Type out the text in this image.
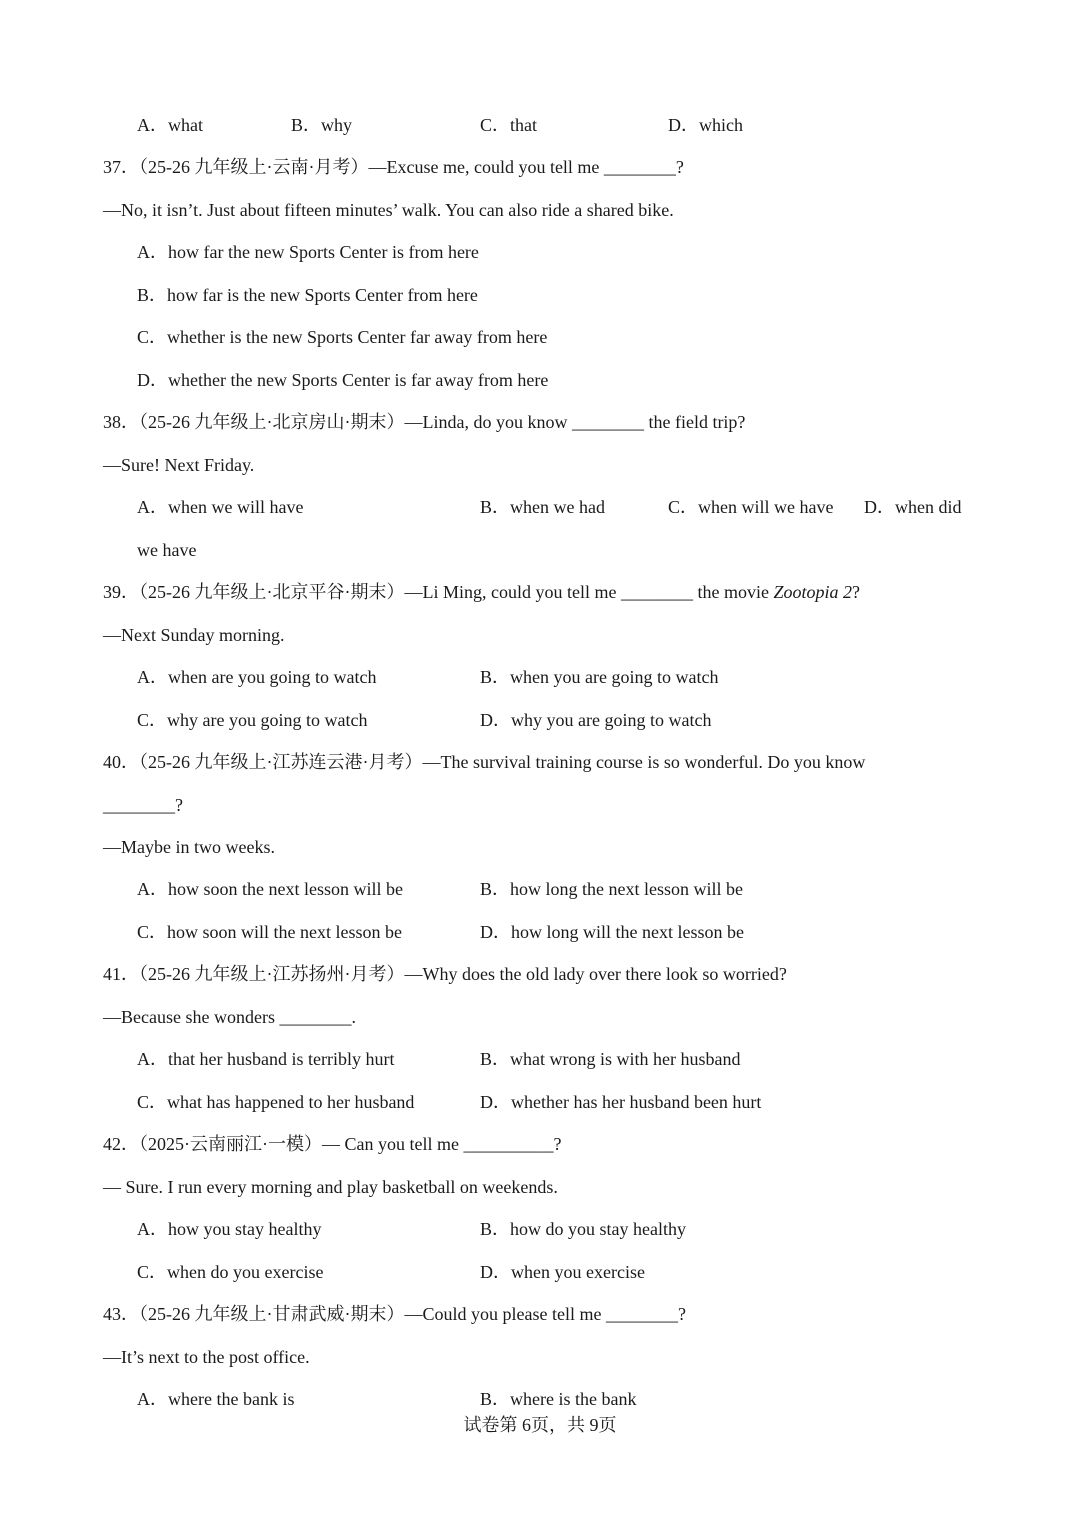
A．what	B．why	C．that	D．which
37．（25-26 九年级上·云南·月考）—Excuse me, could you tell me ________?
—No, it isn’t. Just about fifteen minutes’ walk. You can also ride a shared bike.
A．how far the new Sports Center is from here
B．how far is the new Sports Center from here
C．whether is the new Sports Center far away from here
D．whether the new Sports Center is far away from here
38．（25-26 九年级上·北京房山·期末）—Linda, do you know ________ the field trip?
—Sure! Next Friday.
A．when we will have	B．when we had	C．when will we have D．when did
we have
39．（25-26 九年级上·北京平谷·期末）—Li Ming, could you tell me ________ the movie Zootopia 2?
—Next Sunday morning.
A．when are you going to watch	B．when you are going to watch
C．why are you going to watch	D．why you are going to watch
40．（25-26 九年级上·江苏连云港·月考）—The survival training course is so wonderful. Do you know
________?
—Maybe in two weeks.
A．how soon the next lesson will be	B．how long the next lesson will be
C．how soon will the next lesson be	D．how long will the next lesson be
41．（25-26 九年级上·江苏扬州·月考）—Why does the old lady over there look so worried?
—Because she wonders ________.
A．that her husband is terribly hurt	B．what wrong is with her husband
C．what has happened to her husband	D．whether has her husband been hurt
42．（2025·云南丽江·一模）— Can you tell me __________?
— Sure. I run every morning and play basketball on weekends.
A．how you stay healthy	B．how do you stay healthy
C．when do you exercise	D．when you exercise
43．（25-26 九年级上·甘肃武威·期末）—Could you please tell me ________?
—It’s next to the post office.
A．where the bank is	B．where is the bank
试卷第 6页，共 9页
